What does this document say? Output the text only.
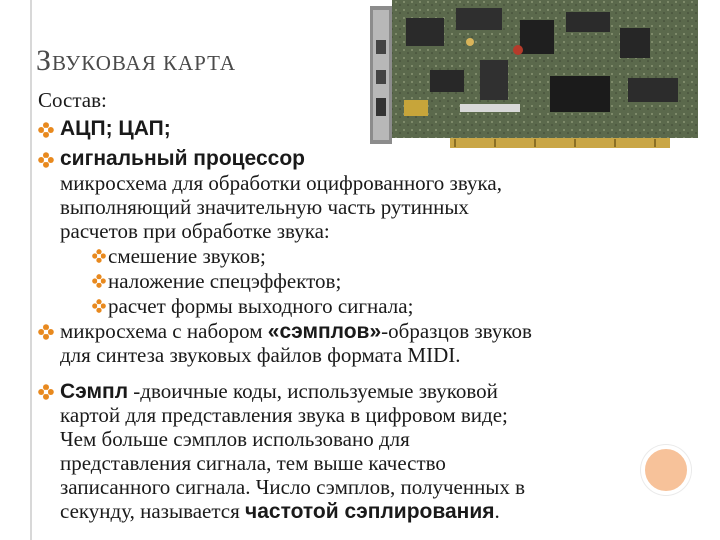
ЗВУКОВАЯ КАРТА
Состав:
АЦП; ЦАП;
сигнальный процессор
микросхема для обработки оцифрованного звука,
выполняющий значительную часть рутинных
расчетов при обработке звука:
смешение звуков;
наложение спецэффектов;
расчет формы выходного сигнала;
микросхема с набором «сэмплов»-образцов звуков
для синтеза звуковых файлов формата MIDI.
Сэмпл -двоичные коды, используемые звуковой
картой для представления звука в цифровом виде;
Чем больше сэмплов использовано для
представления сигнала, тем выше качество
записанного сигнала. Число сэмплов, полученных в
секунду, называется частотой сэплирования.
